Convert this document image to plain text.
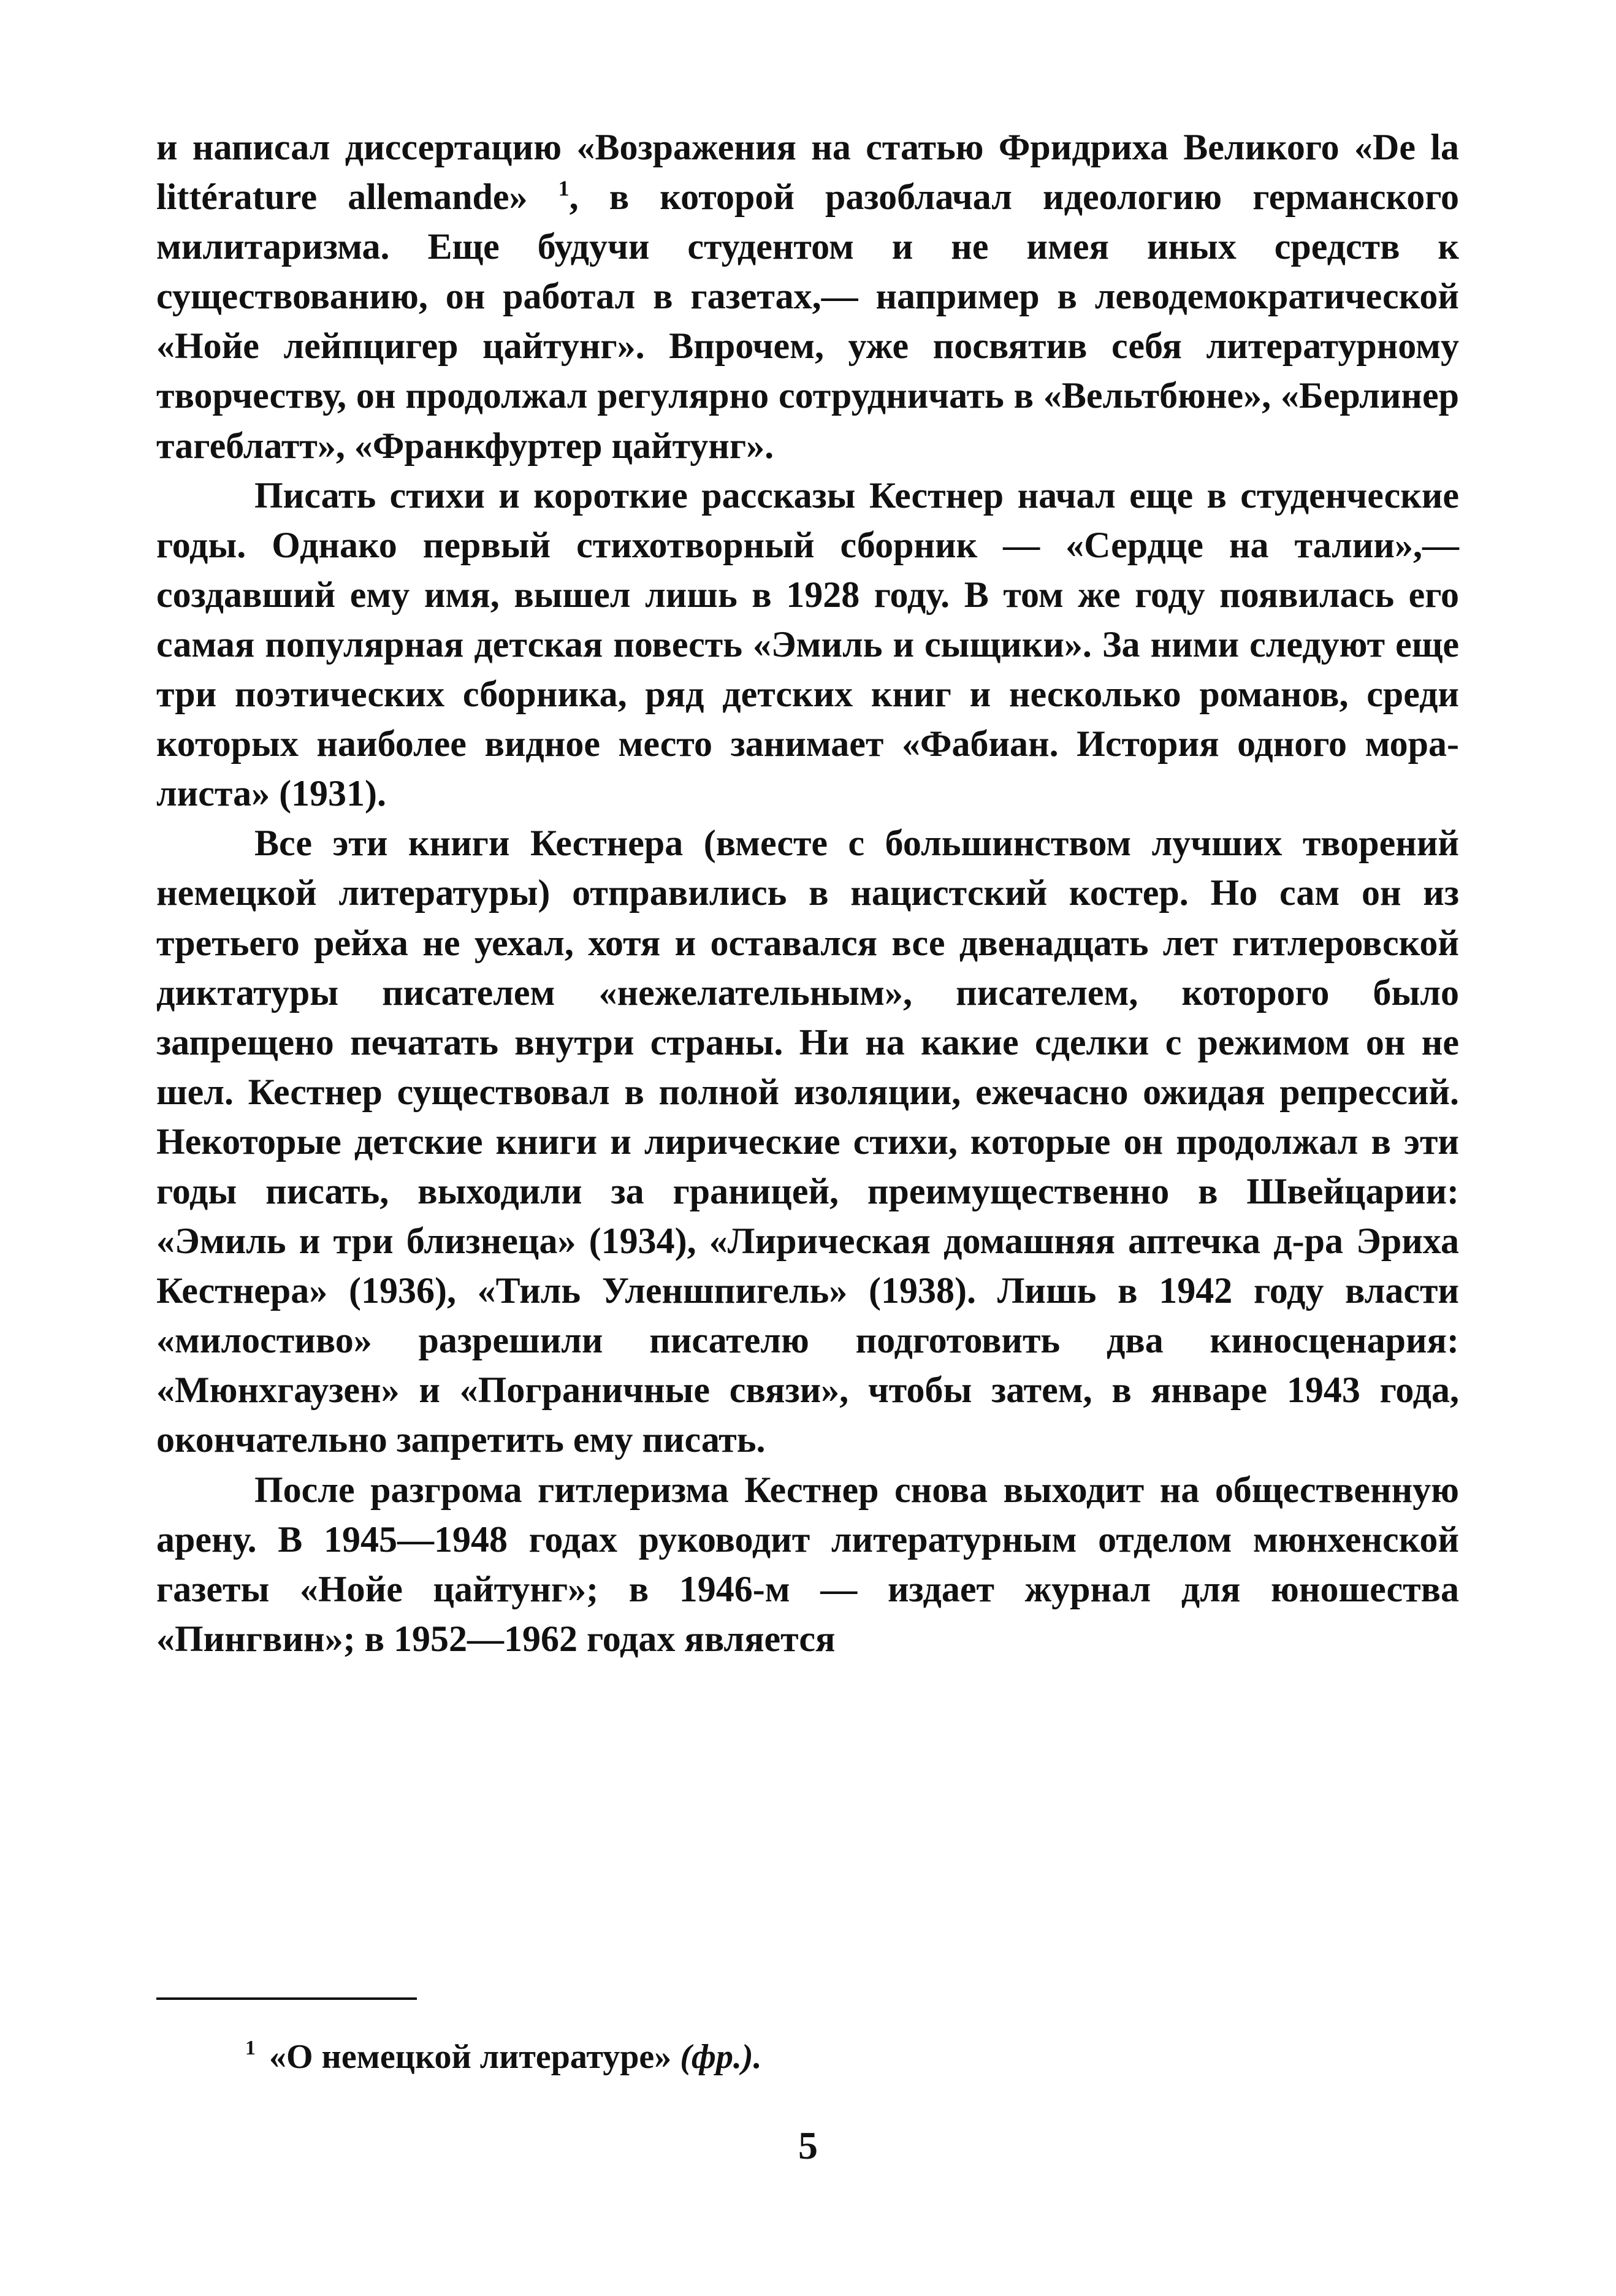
и написал диссертацию «Возражения на статью Фридриха Великого «De la littérature allemande» $^1$, в которой разоблачал идеологию германского милитаризма. Еще будучи студентом и не имея иных средств к существованию, он работал в газетах,— например в леводемократической «Нойе лейпцигер цайтунг». Впрочем, уже посвятив себя литературному творчеству, он продолжал регулярно сотрудничать в «Вельтбюне», «Берлинер тагеблатт», «Франкфуртер цайтунг».

Писать стихи и короткие рассказы Кестнер начал еще в студенческие годы. Однако первый стихотворный сборник — «Сердце на талии»,— создавший ему имя, вышел лишь в 1928 году. В том же году появилась его самая популярная детская повесть «Эмиль и сыщики». За ними следуют еще три поэтических сборника, ряд детских книг и несколько романов, среди которых наиболее видное место занимает «Фабиан. История одного моралиста» (1931).

Все эти книги Кестнера (вместе с большинством лучших творений немецкой литературы) отправились в нацистский костер. Но сам он из третьего рейха не уехал, хотя и оставался все двенадцать лет гитлеровской диктатуры писателем «нежелательным», писателем, которого было запрещено печатать внутри страны. Ни на какие сделки с режимом он не шел. Кестнер существовал в полной изоляции, ежечасно ожидая репрессий. Некоторые детские книги и лирические стихи, которые он продолжал в эти годы писать, выходили за границей, преимущественно в Швейцарии: «Эмиль и три близнеца» (1934), «Лирическая домашняя аптечка д-ра Эриха Кестнера» (1936), «Тиль Уленшпигель» (1938). Лишь в 1942 году власти «милостиво» разрешили писателю подготовить два киносценария: «Мюнхгаузен» и «Пограничные связи», чтобы затем, в январе 1943 года, окончательно запретить ему писать.

После разгрома гитлеризма Кестнер снова выходит на общественную арену. В 1945—1948 годах руководит литературным отделом мюнхенской газеты «Нойе цайтунг»; в 1946-м — издает журнал для юношества «Пингвин»; в 1952—1962 годах является

$^1$ «О немецкой литературе» (фр.).
5
